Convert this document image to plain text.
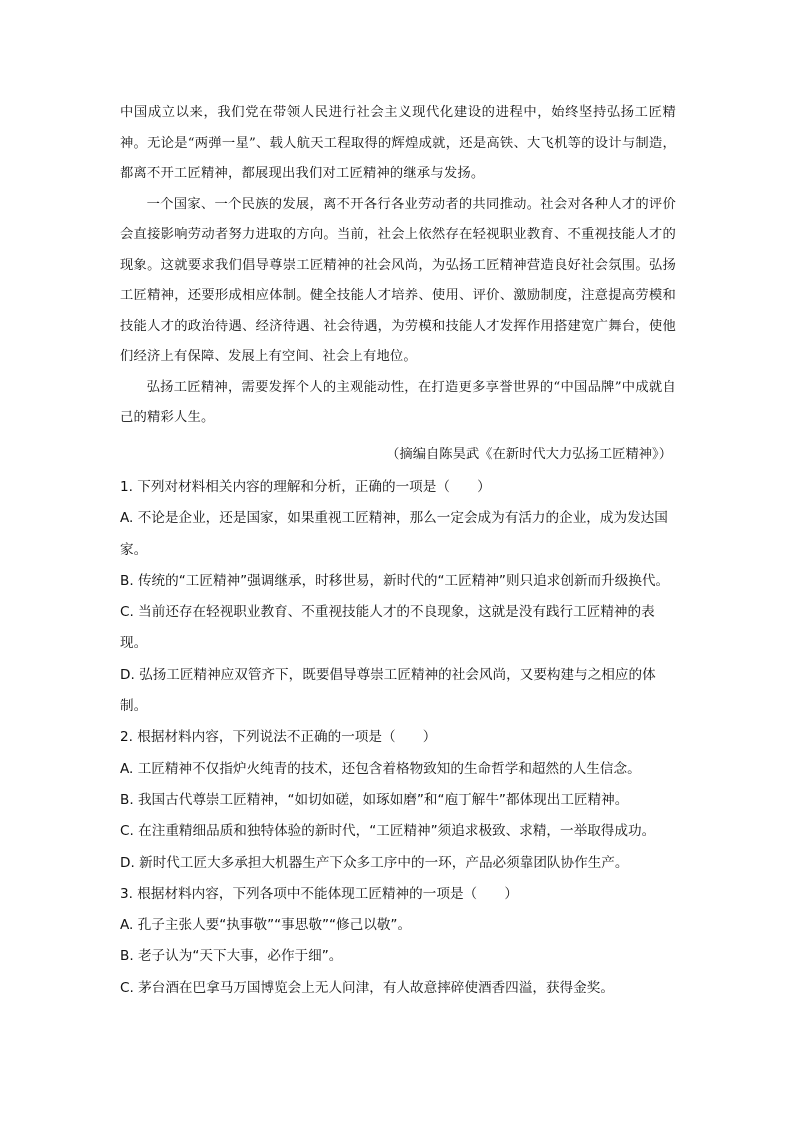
中国成立以来，我们党在带领人民进行社会主义现代化建设的进程中，始终坚持弘扬工匠精神。无论是“两弹一星”、载人航天工程取得的辉煌成就，还是高铁、大飞机等的设计与制造，都离不开工匠精神，都展现出我们对工匠精神的继承与发扬。

一个国家、一个民族的发展，离不开各行各业劳动者的共同推动。社会对各种人才的评价会直接影响劳动者努力进取的方向。当前，社会上依然存在轻视职业教育、不重视技能人才的现象。这就要求我们倡导尊崇工匠精神的社会风尚，为弘扬工匠精神营造良好社会氛围。弘扬工匠精神，还要形成相应体制。健全技能人才培养、使用、评价、激励制度，注意提高劳模和技能人才的政治待遇、经济待遇、社会待遇，为劳模和技能人才发挥作用搭建宽广舞台，使他们经济上有保障、发展上有空间、社会上有地位。

弘扬工匠精神，需要发挥个人的主观能动性，在打造更多享誉世界的“中国品牌”中成就自己的精彩人生。

（摘编自陈昊武《在新时代大力弘扬工匠精神》）

1. 下列对材料相关内容的理解和分析，正确的一项是（　　）

A. 不论是企业，还是国家，如果重视工匠精神，那么一定会成为有活力的企业，成为发达国家。

B. 传统的“工匠精神”强调继承，时移世易，新时代的“工匠精神”则只追求创新而升级换代。

C. 当前还存在轻视职业教育、不重视技能人才的不良现象，这就是没有践行工匠精神的表现。

D. 弘扬工匠精神应双管齐下，既要倡导尊崇工匠精神的社会风尚，又要构建与之相应的体制。

2. 根据材料内容，下列说法不正确的一项是（　　）

A. 工匠精神不仅指炉火纯青的技术，还包含着格物致知的生命哲学和超然的人生信念。

B. 我国古代尊崇工匠精神，“如切如磋，如琢如磨”和“庖丁解牛”都体现出工匠精神。

C. 在注重精细品质和独特体验的新时代，“工匠精神”须追求极致、求精，一举取得成功。

D. 新时代工匠大多承担大机器生产下众多工序中的一环，产品必须靠团队协作生产。

3. 根据材料内容，下列各项中不能体现工匠精神的一项是（　　）

A. 孔子主张人要“执事敬”“事思敬”“修己以敬”。

B. 老子认为“天下大事，必作于细”。

C. 茅台酒在巴拿马万国博览会上无人问津，有人故意摔碎使酒香四溢，获得金奖。
